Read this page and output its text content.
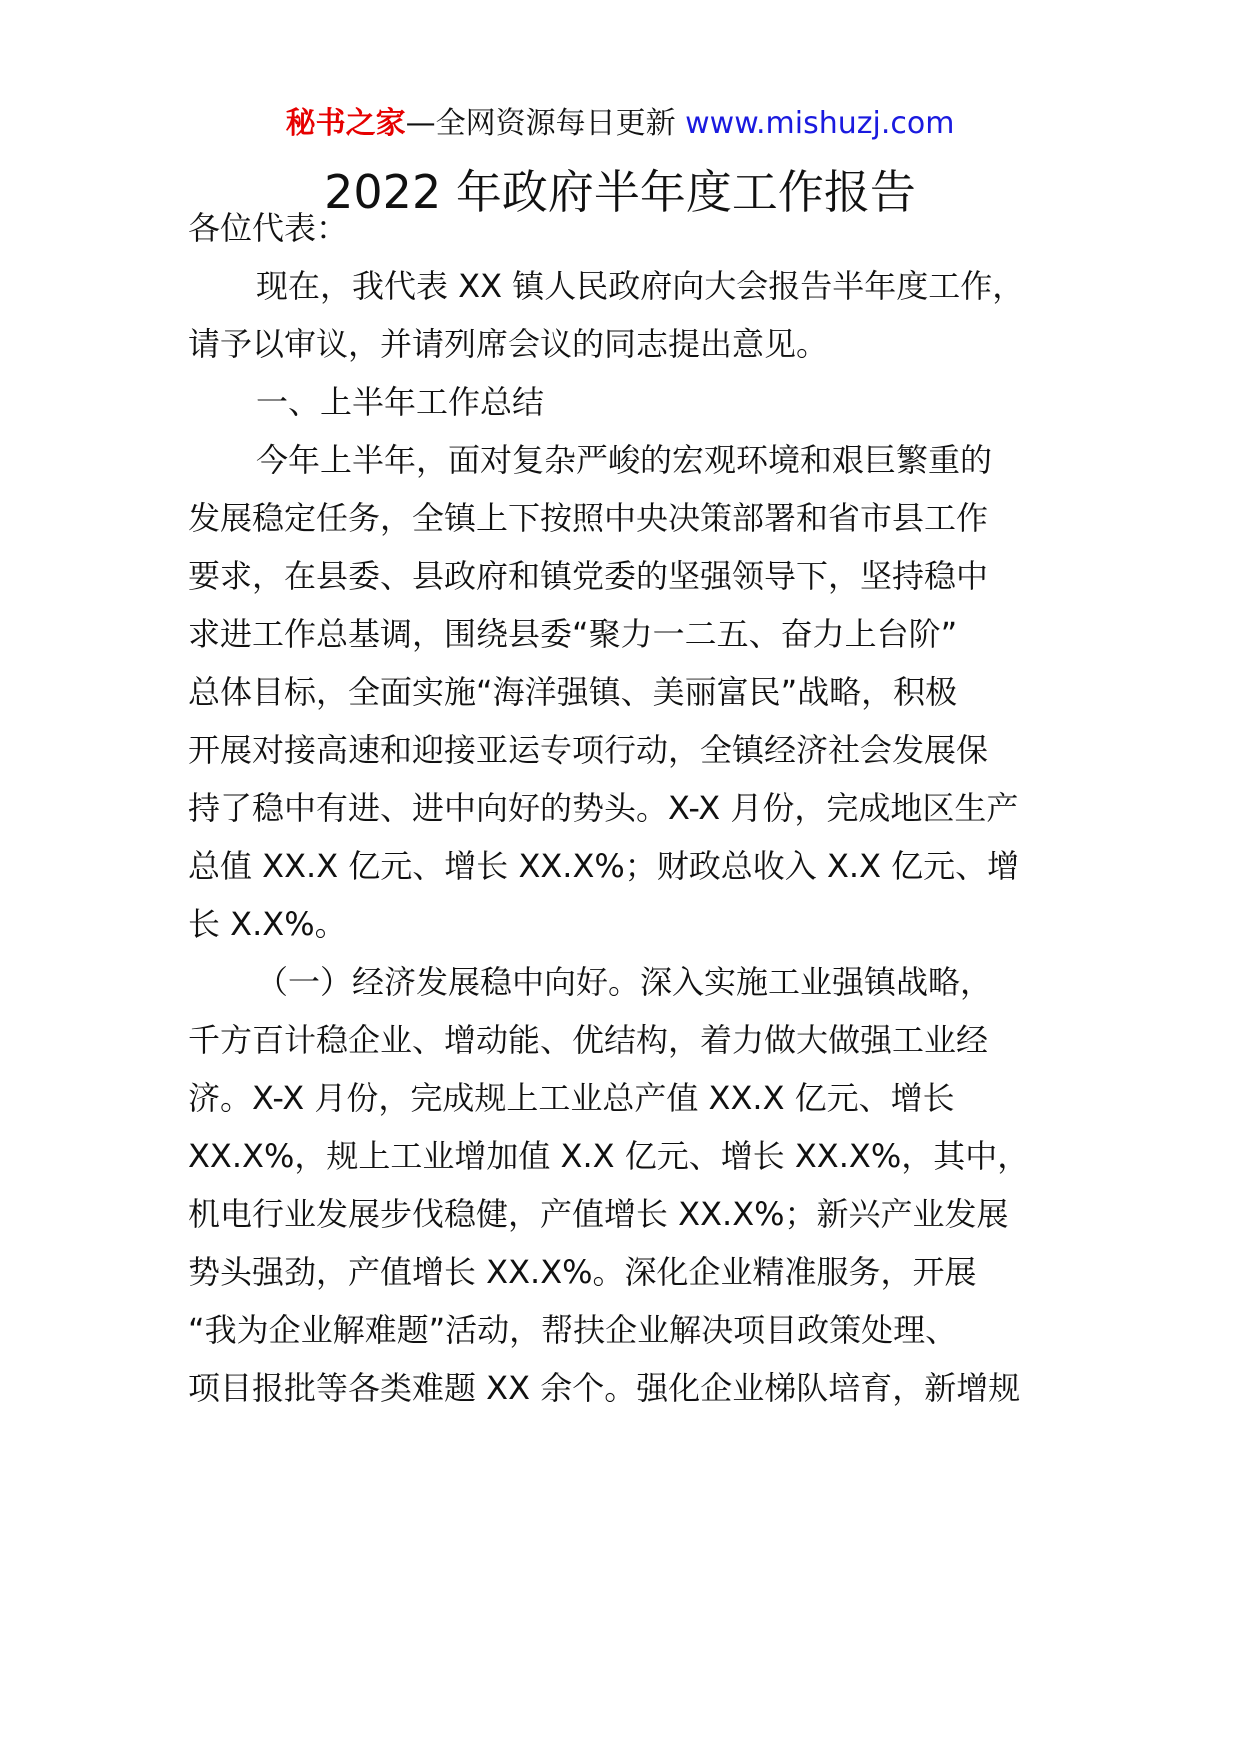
秘书之家—全网资源每日更新 www.mishuzj.com
2022 年政府半年度工作报告
各位代表：
现在，我代表 XX 镇人民政府向大会报告半年度工作，
请予以审议，并请列席会议的同志提出意见。
一、上半年工作总结
今年上半年，面对复杂严峻的宏观环境和艰巨繁重的
发展稳定任务，全镇上下按照中央决策部署和省市县工作
要求，在县委、县政府和镇党委的坚强领导下，坚持稳中
求进工作总基调，围绕县委“聚力一二五、奋力上台阶”
总体目标，全面实施“海洋强镇、美丽富民”战略，积极
开展对接高速和迎接亚运专项行动，全镇经济社会发展保
持了稳中有进、进中向好的势头。X-X 月份，完成地区生产
总值 XX.X 亿元、增长 XX.X%；财政总收入 X.X 亿元、增
长 X.X%。
（一）经济发展稳中向好。深入实施工业强镇战略，
千方百计稳企业、增动能、优结构，着力做大做强工业经
济。X-X 月份，完成规上工业总产值 XX.X 亿元、增长
XX.X%，规上工业增加值 X.X 亿元、增长 XX.X%，其中，
机电行业发展步伐稳健，产值增长 XX.X%；新兴产业发展
势头强劲，产值增长 XX.X%。深化企业精准服务，开展
“我为企业解难题”活动，帮扶企业解决项目政策处理、
项目报批等各类难题 XX 余个。强化企业梯队培育，新增规
